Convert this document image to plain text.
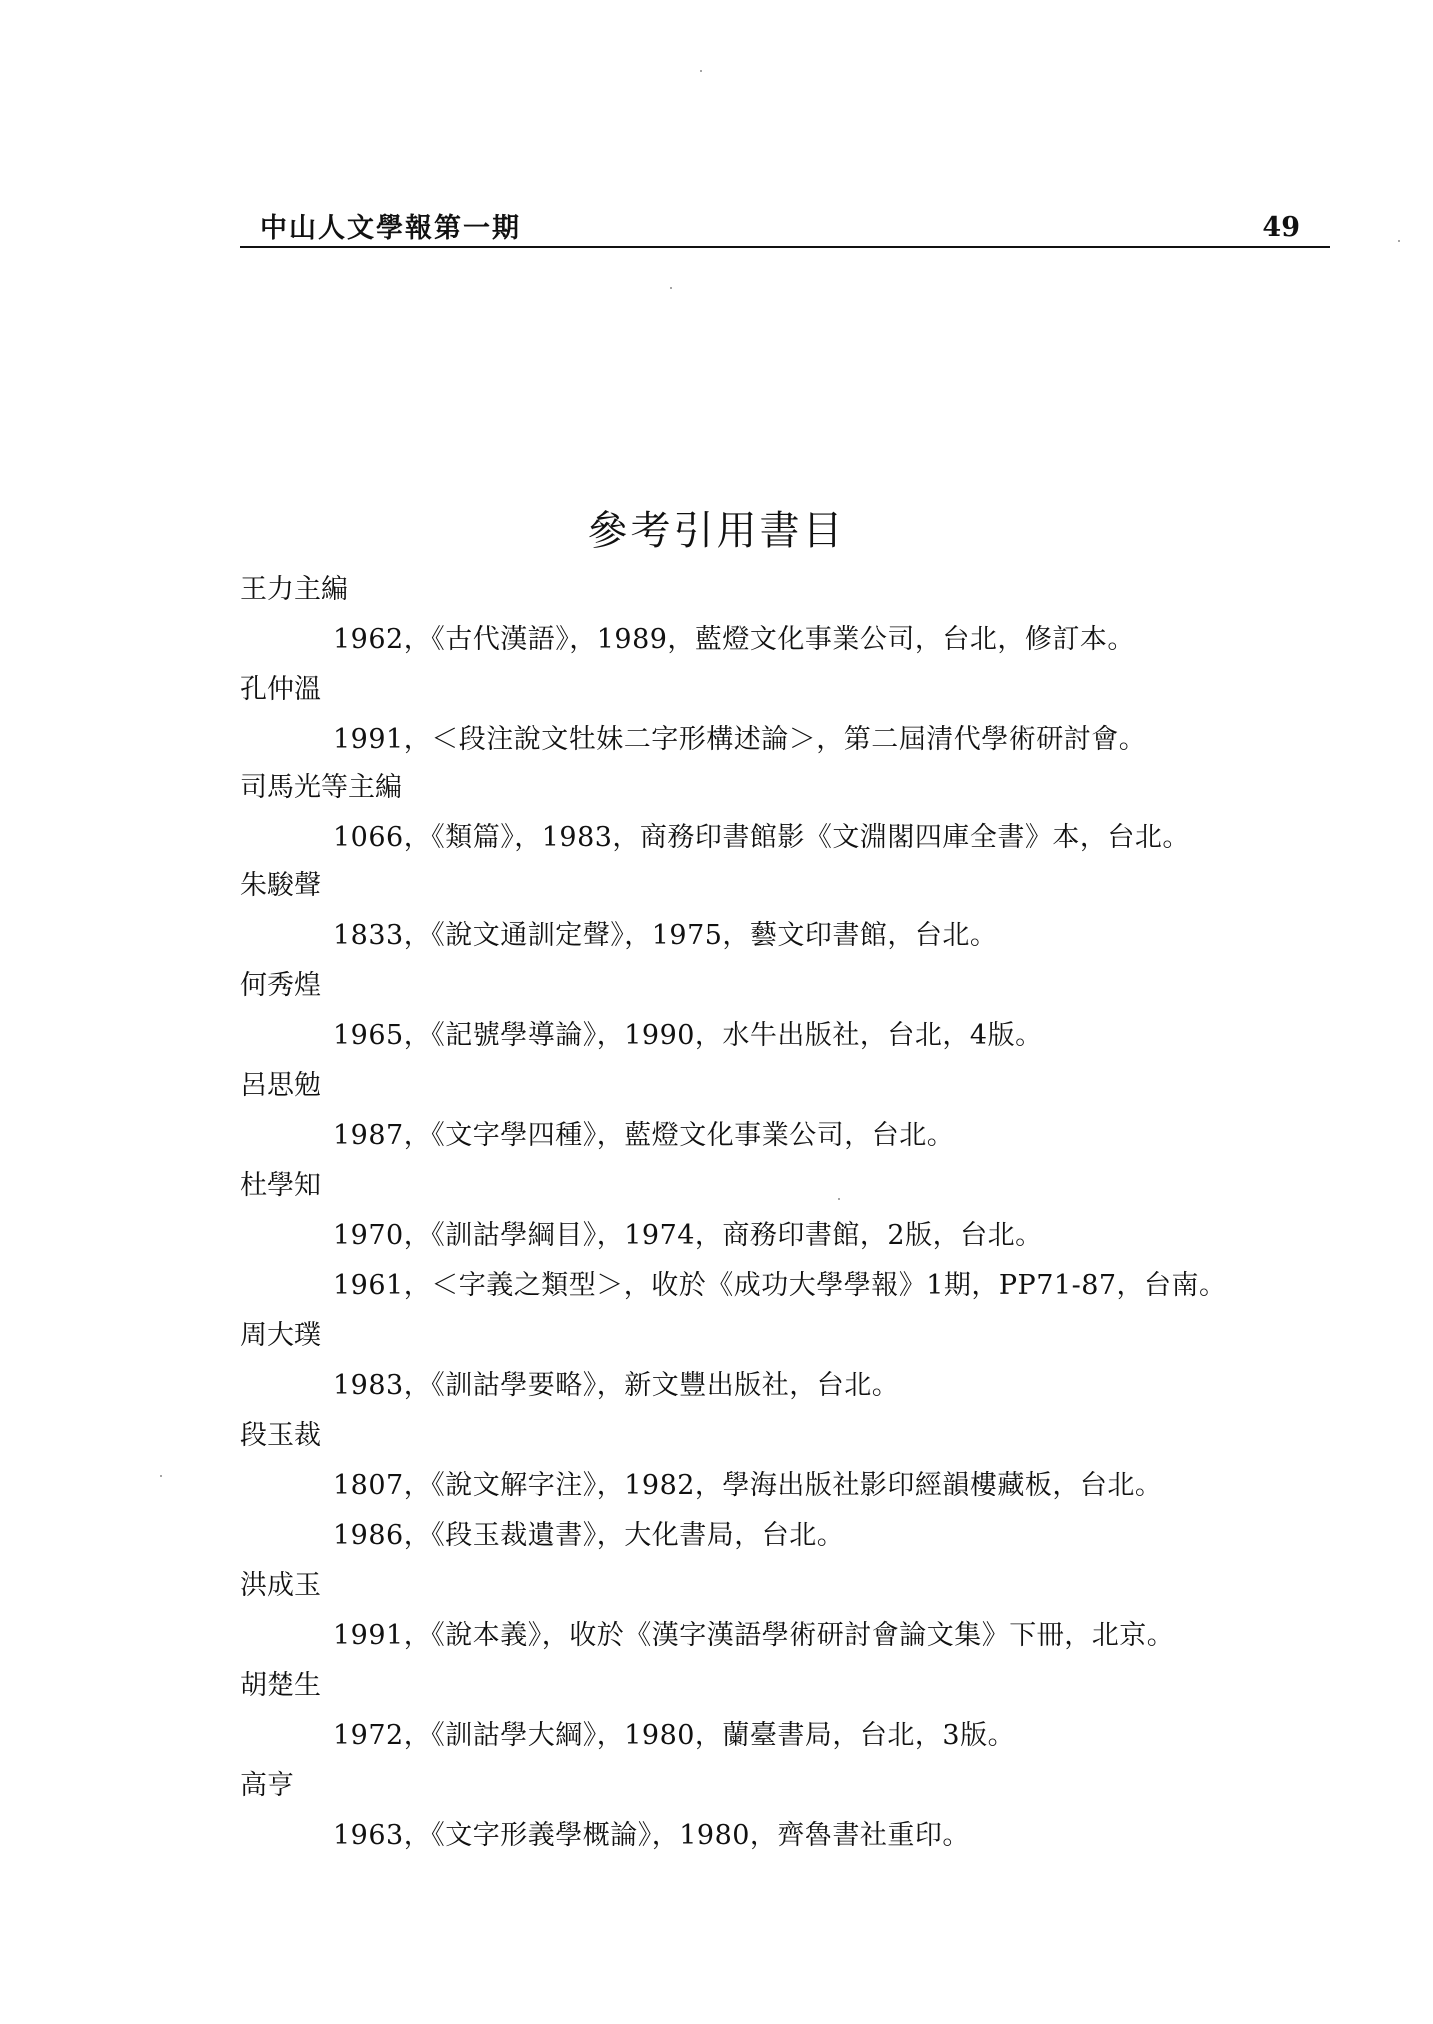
中山人文學報第一期	49
參考引用書目
王力主編
1962，《古代漢語》，1989，藍燈文化事業公司，台北，修訂本。
孔仲溫
1991，＜段注說文牡妹二字形構述論＞，第二屆清代學術研討會。
司馬光等主編
1066，《類篇》，1983，商務印書館影《文淵閣四庫全書》本，台北。
朱駿聲
1833，《說文通訓定聲》，1975，藝文印書館，台北。
何秀煌
1965，《記號學導論》，1990，水牛出版社，台北，4版。
呂思勉
1987，《文字學四種》，藍燈文化事業公司，台北。
杜學知
1970，《訓詁學綱目》，1974，商務印書館，2版，台北。
1961，＜字義之類型＞，收於《成功大學學報》1期，PP71-87，台南。
周大璞
1983，《訓詁學要略》，新文豐出版社，台北。
段玉裁
1807，《說文解字注》，1982，學海出版社影印經韻樓藏板，台北。
1986，《段玉裁遺書》，大化書局，台北。
洪成玉
1991，《說本義》，收於《漢字漢語學術研討會論文集》下冊，北京。
胡楚生
1972，《訓詁學大綱》，1980，蘭臺書局，台北，3版。
高亨
1963，《文字形義學概論》，1980，齊魯書社重印。
